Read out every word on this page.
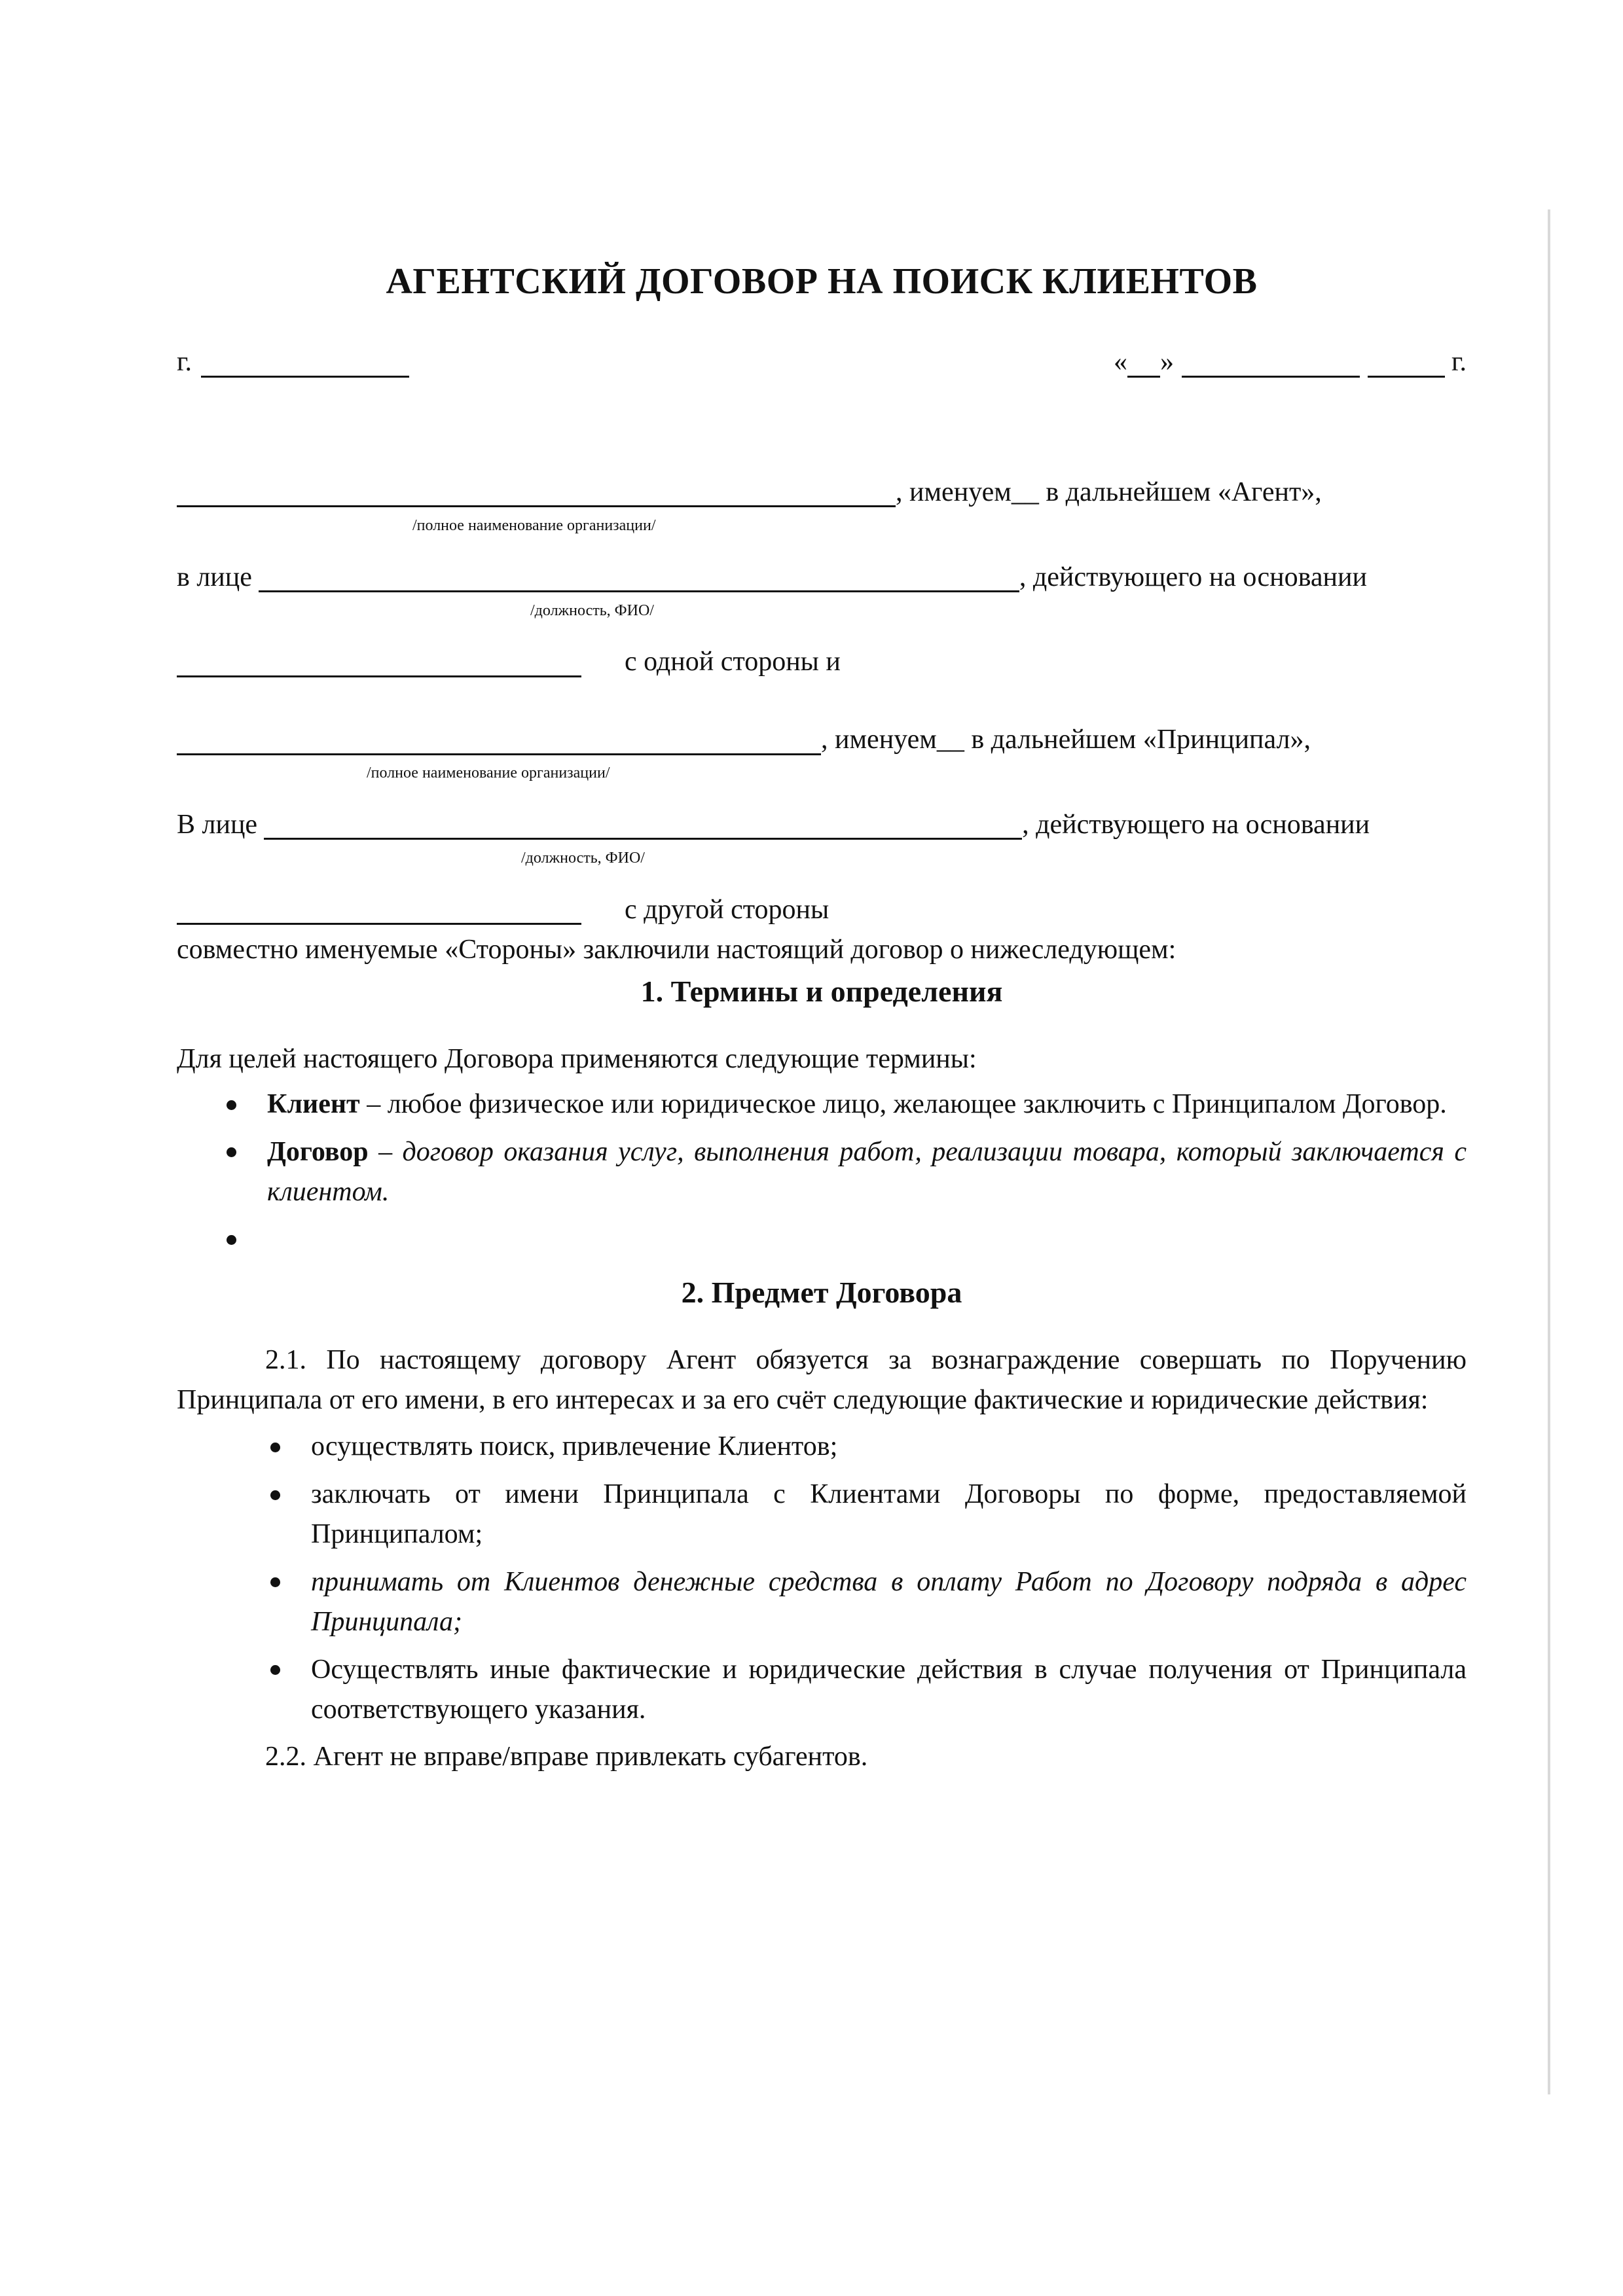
АГЕНТСКИЙ ДОГОВОР НА ПОИСК КЛИЕНТОВ
г.	« »	г.
, именуем__ в дальнейшем «Агент»,
/полное наименование организации/
в лице	, действующего на основании
/должность, ФИО/
с одной стороны и
, именуем__ в дальнейшем «Принципал»,
/полное наименование организации/
В лице	, действующего на основании
/должность, ФИО/
с другой стороны

совместно именуемые «Стороны» заключили настоящий договор о нижеследующем:

1. Термины и определения

Для целей настоящего Договора применяются следующие термины:

Клиент – любое физическое или юридическое лицо, желающее заключить с Принципалом Договор.
Договор – договор оказания услуг, выполнения работ, реализации товара, который заключается с клиентом.
2. Предмет Договора

2.1. По настоящему договору Агент обязуется за вознаграждение совершать по Поручению Принципала от его имени, в его интересах и за его счёт следующие фактические и юридические действия:

осуществлять поиск, привлечение Клиентов;
заключать от имени Принципала с Клиентами Договоры по форме, предоставляемой Принципалом;
принимать от Клиентов денежные средства в оплату Работ по Договору подряда в адрес Принципала;
Осуществлять иные фактические и юридические действия в случае получения от Принципала соответствующего указания.

2.2. Агент не вправе/вправе привлекать субагентов.
